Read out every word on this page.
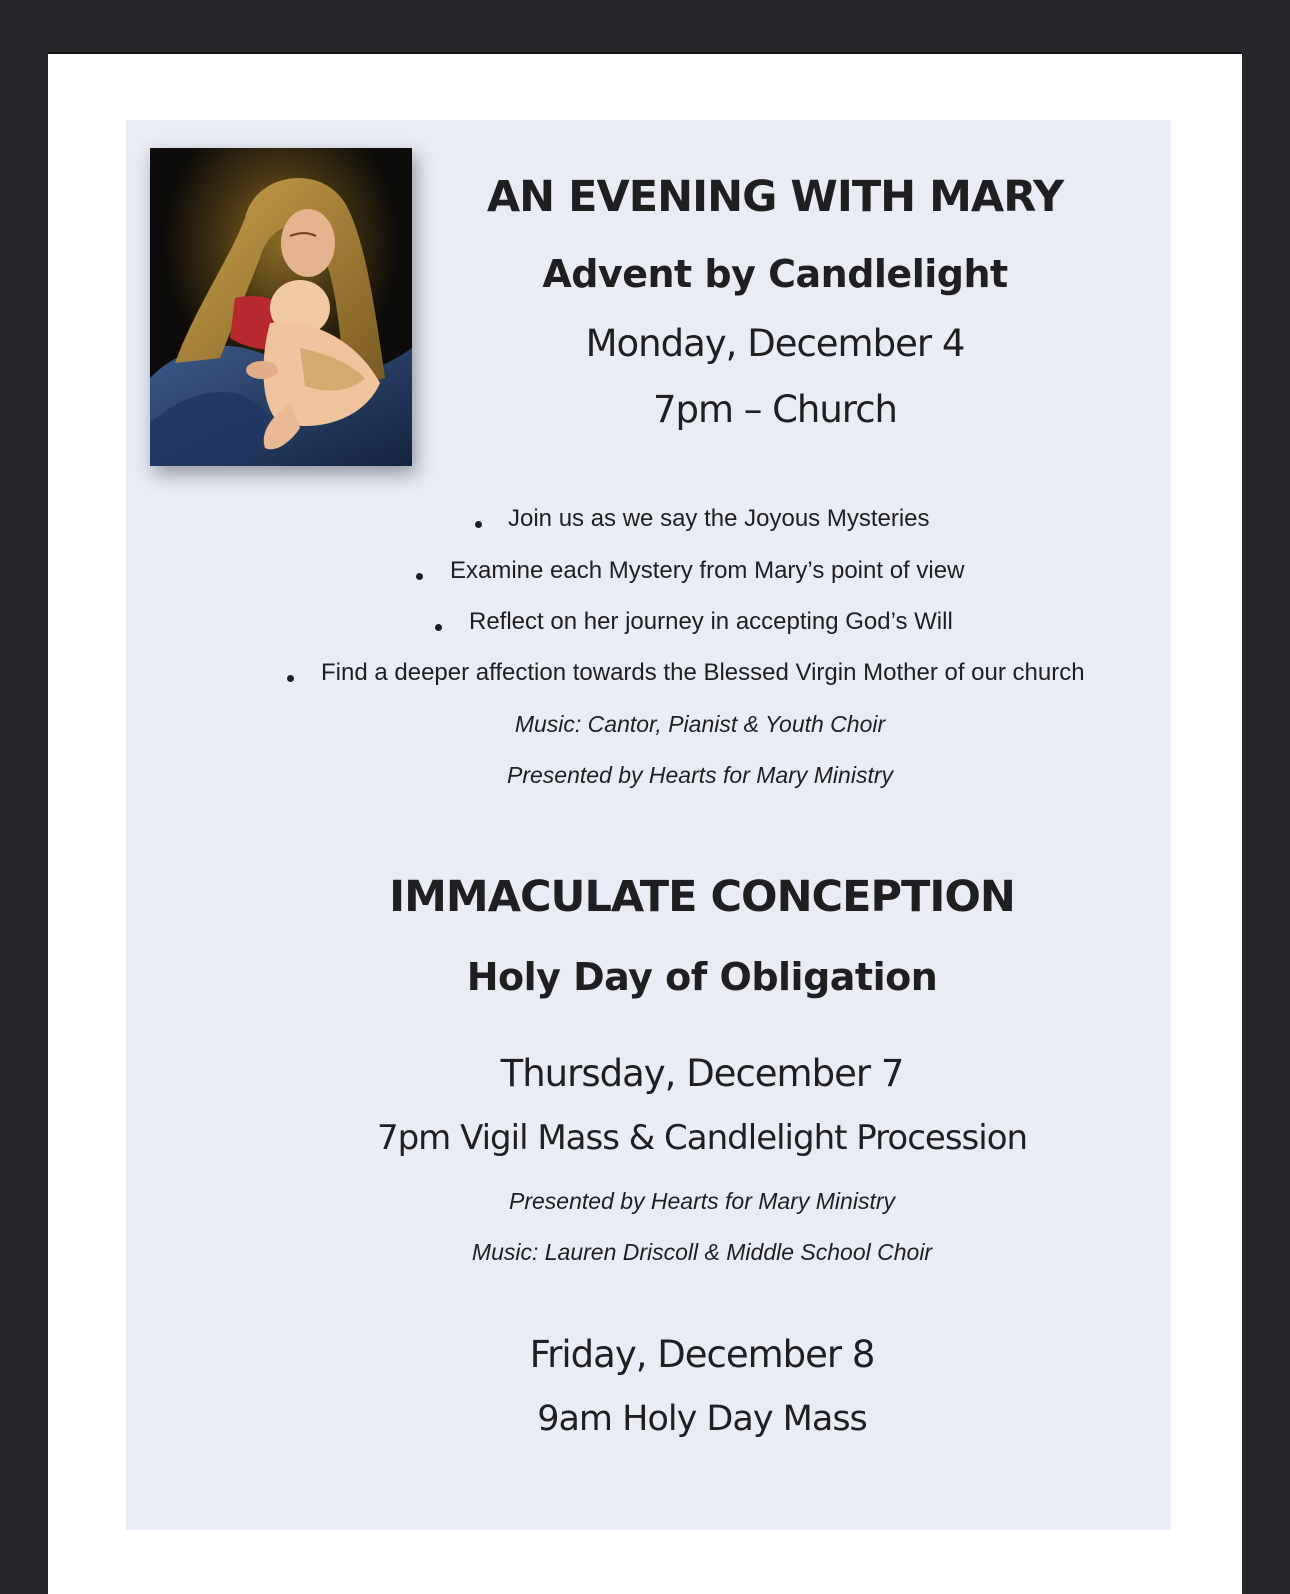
AN EVENING WITH MARY
Advent by Candlelight
Monday, December 4
7pm – Church
Join us as we say the Joyous Mysteries
Examine each Mystery from Mary’s point of view
Reflect on her journey in accepting God’s Will
Find a deeper affection towards the Blessed Virgin Mother of our church
Music: Cantor, Pianist & Youth Choir
Presented by Hearts for Mary Ministry
IMMACULATE CONCEPTION
Holy Day of Obligation
Thursday, December 7
7pm Vigil Mass & Candlelight Procession
Presented by Hearts for Mary Ministry
Music: Lauren Driscoll & Middle School Choir
Friday, December 8
9am Holy Day Mass
